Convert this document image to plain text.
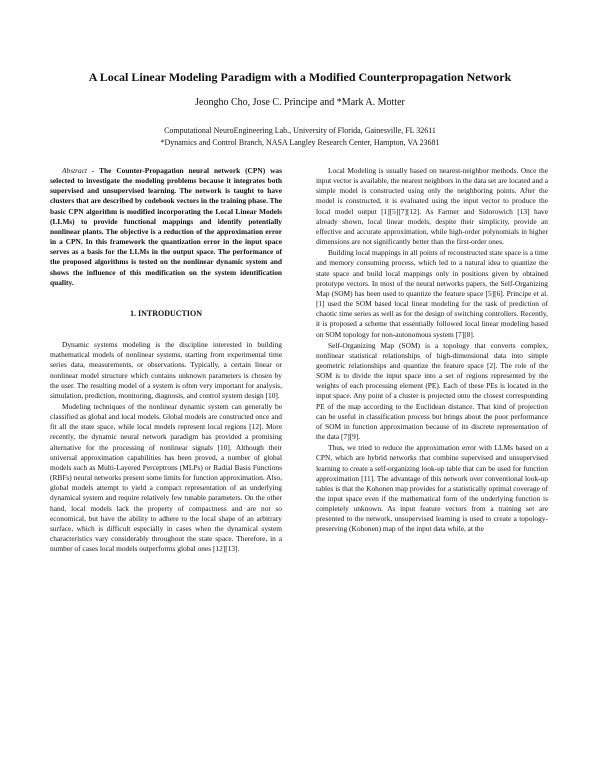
A Local Linear Modeling Paradigm with a Modified Counterpropagation Network
Jeongho Cho, Jose C. Principe and *Mark A. Motter
Computational NeuroEngineering Lab., University of Florida, Gainesville, FL 32611
*Dynamics and Control Branch, NASA Langley Research Center, Hampton, VA 23681

Abstract - The Counter-Propagation neural network (CPN) was selected to investigate the modeling problems because it integrates both supervised and unsupervised learning. The network is taught to have clusters that are described by codebook vectors in the training phase. The basic CPN algorithm is modified incorporating the Local Linear Models (LLMs) to provide functional mappings and identify potentially nonlinear plants. The objective is a reduction of the approximation error in a CPN. In this framework the quantization error in the input space serves as a basis for the LLMs in the output space. The performance of the proposed algorithms is tested on the nonlinear dynamic system and shows the influence of this modification on the system identification quality.

1. INTRODUCTION

Dynamic systems modeling is the discipline interested in building mathematical models of nonlinear systems, starting from experimental time series data, measurements, or observations. Typically, a certain linear or nonlinear model structure which contains unknown parameters is chosen by the user. The resulting model of a system is often very important for analysis, simulation, prediction, monitoring, diagnosis, and control system design [10].

Modeling techniques of the nonlinear dynamic system can generally be classified as global and local models. Global models are constructed once and fit all the state space, while local models represent local regions [12]. More recently, the dynamic neural network paradigm has provided a promising alternative for the processing of nonlinear signals [10]. Although their universal approximation capabilities has been proved, a number of global models such as Multi-Layered Perceptrons (MLPs) or Radial Basis Functions (RBFs) neural networks present some limits for function approximation. Also, global models attempt to yield a compact representation of an underlying dynamical system and require relatively few tunable parameters. On the other hand, local models lack the property of compactness and are not so economical, but have the ability to adhere to the local shape of an arbitrary surface, which is difficult especially in cases when the dynamical system characteristics vary considerably throughout the state space. Therefore, in a number of cases local models outperforms global ones [12][13].

Local Modeling is usually based on nearest-neighbor methods. Once the input vector is available, the nearest neighbors in the data set are located and a simple model is constructed using only the neighboring points. After the model is constructed, it is evaluated using the input vector to produce the local model output [1][5][7][12]. As Farmer and Sidorowich [13] have already shown, local linear models, despite their simplicity, provide an effective and accurate approximation, while high-order polynomials in higher dimensions are not significantly better than the first-order ones.

Building local mappings in all points of reconstructed state space is a time and memory consuming process, which led to a natural idea to quantize the state space and build local mappings only in positions given by obtained prototype vectors. In most of the neural networks papers, the Self-Organizing Map (SOM) has been used to quantize the feature space [5][6]. Principe et al. [1] used the SOM based local linear modeling for the task of prediction of chaotic time series as well as for the design of switching controllers. Recently, it is proposed a scheme that essentially followed local linear modeling based on SOM topology for non-autonomous system [7][8].

Self-Organizing Map (SOM) is a topology that converts complex, nonlinear statistical relationships of high-dimensional data into simple geometric relationships and quantize the feature space [2]. The role of the SOM is to divide the input space into a set of regions represented by the weights of each processing element (PE). Each of these PEs is located in the input space. Any point of a cluster is projected onto the closest corresponding PE of the map according to the Euclidean distance. That kind of projection can be useful in classification process but brings about the poor performance of SOM in function approximation because of its discrete representation of the data [7][9].

Thus, we tried to reduce the approximation error with LLMs based on a CPN, which are hybrid networks that combine supervised and unsupervised learning to create a self-organizing look-up table that can be used for function approximation [11]. The advantage of this network over conventional look-up tables is that the Kohonen map provides for a statistically optimal coverage of the input space even if the mathematical form of the underlying function is completely unknown. As input feature vectors from a training set are presented to the network, unsupervised learning is used to create a topology-preserving (Kohonen) map of the input data while, at the
